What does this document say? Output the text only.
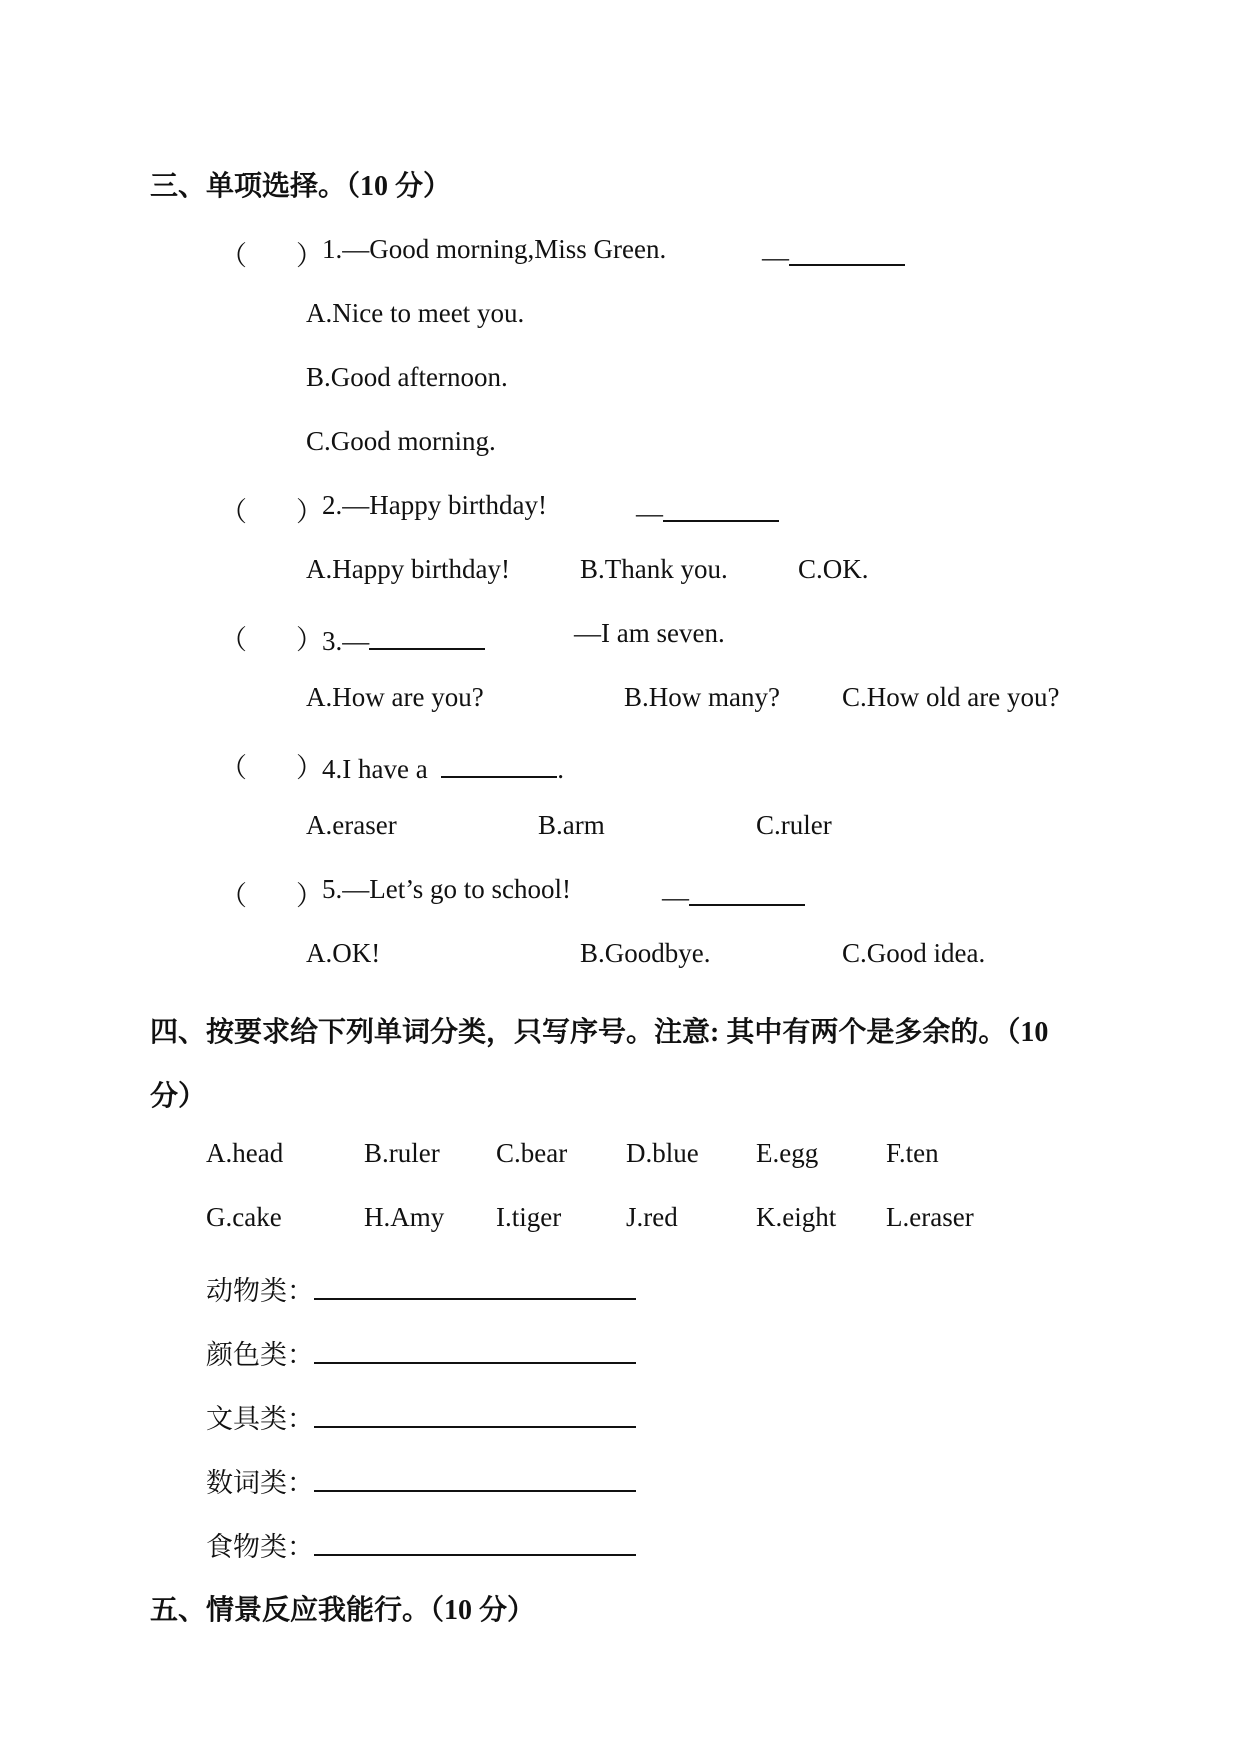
三、单项选择。（10 分）
（ ） 1.—Good morning,Miss Green.	—
A.Nice to meet you.
B.Good afternoon.
C.Good morning.
（ ） 2.—Happy birthday!	—
A.Happy birthday!	B.Thank you.	C.OK.
（ ） 3.—	—I am seven.
A.How are you?	B.How many? C.How old are you?
（ ） 4.I have a	.
A.eraser	B.arm	C.ruler
（ ） 5.—Let’s go to school!	—
A.OK!	B.Goodbye.	C.Good idea.
四、按要求给下列单词分类，只写序号。注意: 其中有两个是多余的。（10
分）
A.head	B.ruler C.bear D.blue E.egg	F.ten
G.cake	H.Amy I.tiger J.red	K.eight L.eraser
动物类：
颜色类：
文具类：
数词类：
食物类：
五、情景反应我能行。（10 分）
